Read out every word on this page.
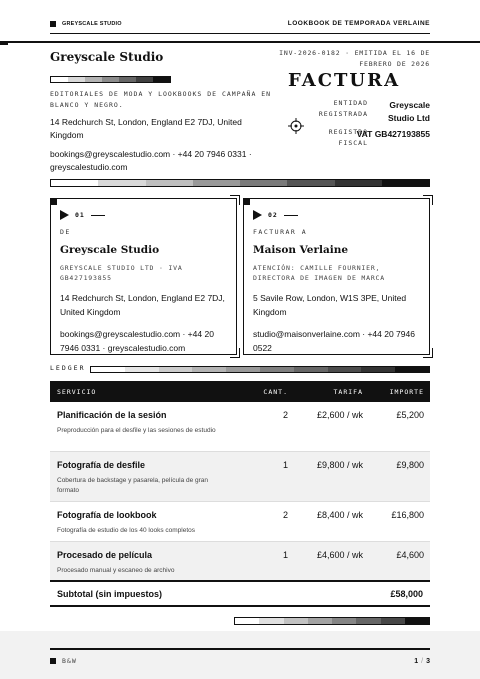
GREYSCALE STUDIO	LOOKBOOK DE TEMPORADA VERLAINE
Greyscale Studio
EDITORIALES DE MODA Y LOOKBOOKS DE CAMPAÑA EN BLANCO Y NEGRO.
14 Redchurch St, London, England E2 7DJ, United Kingdom
bookings@greyscalestudio.com · +44 20 7946 0331 · greyscalestudio.com
INV-2026-0182 · EMITIDA EL 16 DE FEBRERO DE 2026
FACTURA
ENTIDAD REGISTRADA
Greyscale Studio Ltd
REGISTRO FISCAL
VAT GB427193855
01
DE
Greyscale Studio
GREYSCALE STUDIO LTD · IVA GB427193855
14 Redchurch St, London, England E2 7DJ, United Kingdom
bookings@greyscalestudio.com · +44 20 7946 0331 · greyscalestudio.com
02
FACTURAR A
Maison Verlaine
ATENCIÓN: CAMILLE FOURNIER, DIRECTORA DE IMAGEN DE MARCA
5 Savile Row, London, W1S 3PE, United Kingdom
studio@maisonverlaine.com · +44 20 7946 0522
LEDGER
SERVICIO	CANT.	TARIFA	IMPORTE
Planificación de la sesión
Preproducción para el desfile y las sesiones de estudio
2	£2,600 / wk	£5,200
Fotografía de desfile
Cobertura de backstage y pasarela, película de gran formato
1	£9,800 / wk	£9,800
Fotografía de lookbook
Fotografía de estudio de los 40 looks completos
2	£8,400 / wk	£16,800
Procesado de película
Procesado manual y escaneo de archivo
1	£4,600 / wk	£4,600
Subtotal (sin impuestos)	£58,000
B&W	1 / 3
